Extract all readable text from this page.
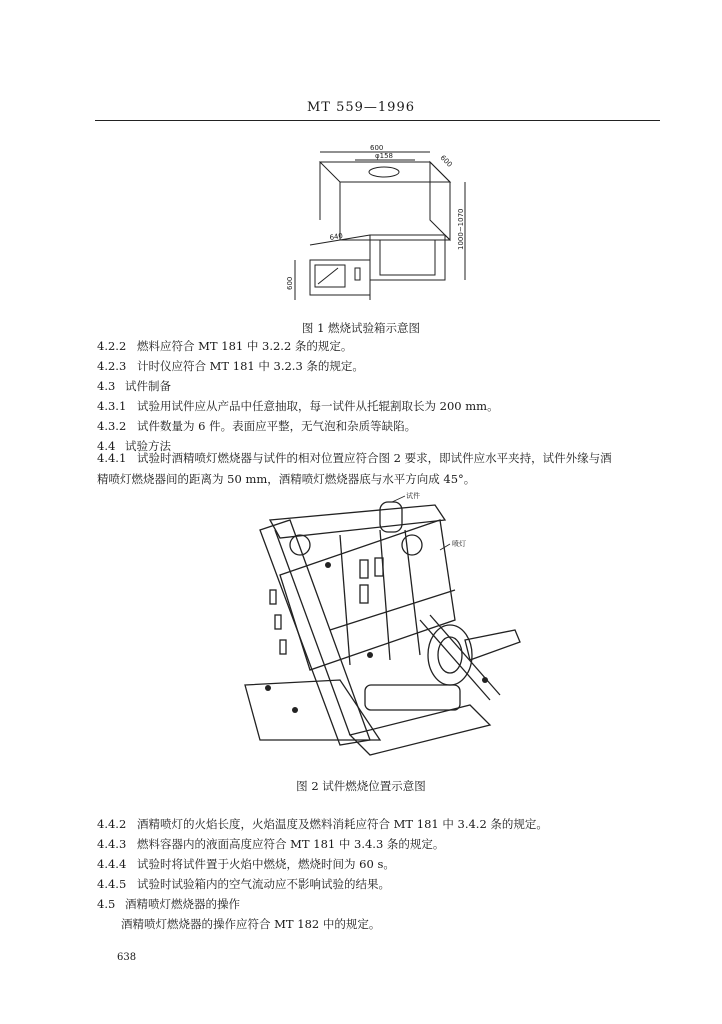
MT 559—1996
600
φ158	600
1000~1070
640
600
图 1 燃烧试验箱示意图
4.2.2 燃料应符合 MT 181 中 3.2.2 条的规定。
4.2.3 计时仪应符合 MT 181 中 3.2.3 条的规定。
4.3 试件制备
4.3.1 试验用试件应从产品中任意抽取，每一试件从托辊割取长为 200 mm。
4.3.2 试件数量为 6 件。表面应平整，无气泡和杂质等缺陷。
4.4 试验方法
4.4.1 试验时酒精喷灯燃烧器与试件的相对位置应符合图 2 要求，即试件应水平夹持，试件外缘与酒
精喷灯燃烧器间的距离为 50 mm，酒精喷灯燃烧器底与水平方向成 45°。
试件
喷灯
图 2 试件燃烧位置示意图
4.4.2 酒精喷灯的火焰长度，火焰温度及燃料消耗应符合 MT 181 中 3.4.2 条的规定。
4.4.3 燃料容器内的液面高度应符合 MT 181 中 3.4.3 条的规定。
4.4.4 试验时将试件置于火焰中燃烧，燃烧时间为 60 s。
4.4.5 试验时试验箱内的空气流动应不影响试验的结果。
4.5 酒精喷灯燃烧器的操作
酒精喷灯燃烧器的操作应符合 MT 182 中的规定。
638
